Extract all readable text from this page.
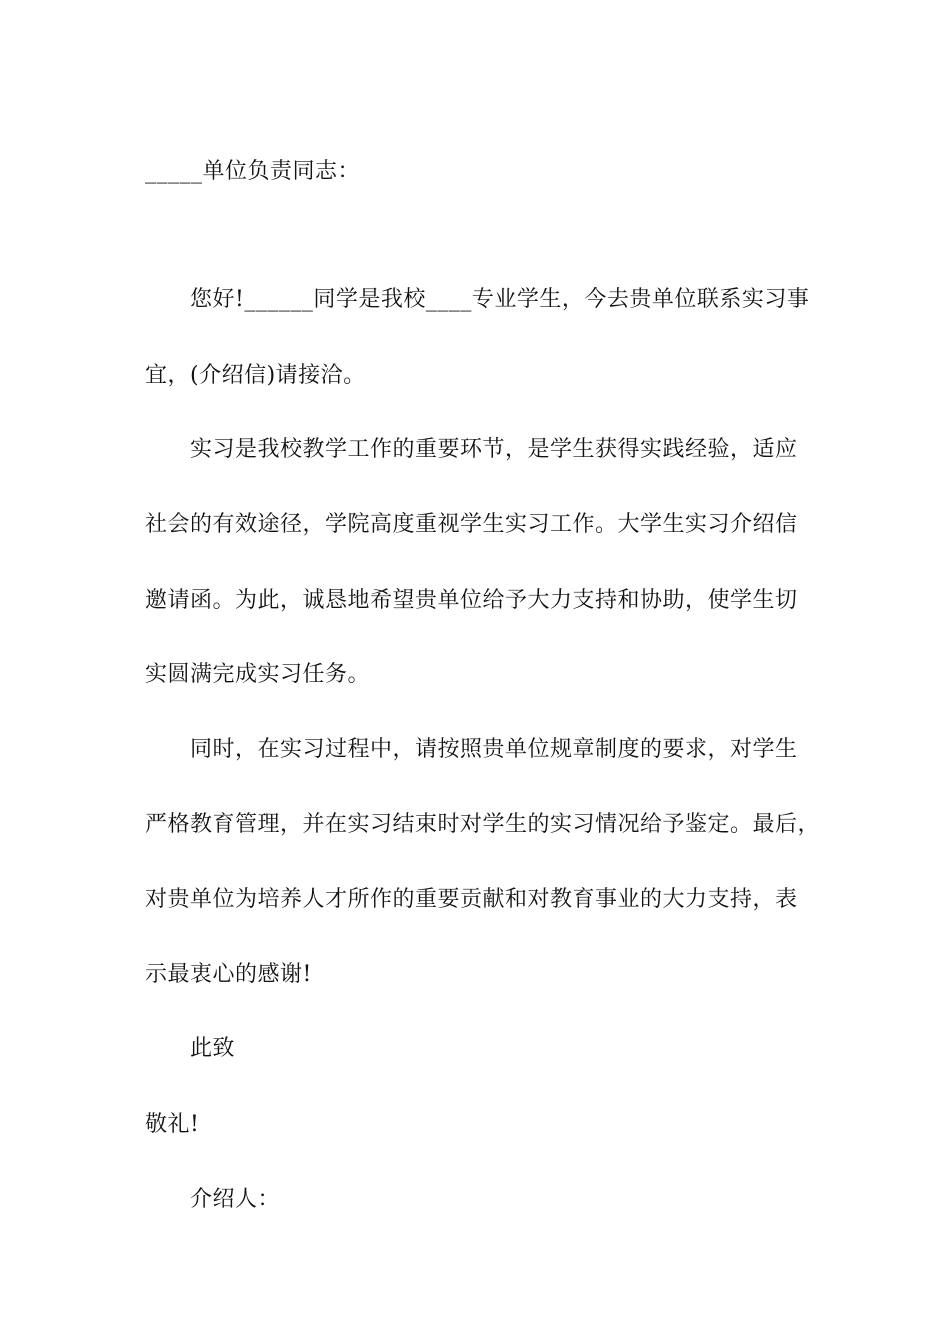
_____单位负责同志：
您好!______同学是我校____专业学生，今去贵单位联系实习事
宜，(介绍信)请接洽。
实习是我校教学工作的重要环节，是学生获得实践经验，适应
社会的有效途径，学院高度重视学生实习工作。大学生实习介绍信
邀请函。为此，诚恳地希望贵单位给予大力支持和协助，使学生切
实圆满完成实习任务。
同时，在实习过程中，请按照贵单位规章制度的要求，对学生
严格教育管理，并在实习结束时对学生的实习情况给予鉴定。最后，
对贵单位为培养人才所作的重要贡献和对教育事业的大力支持，表
示最衷心的感谢!
此致
敬礼!
介绍人：
